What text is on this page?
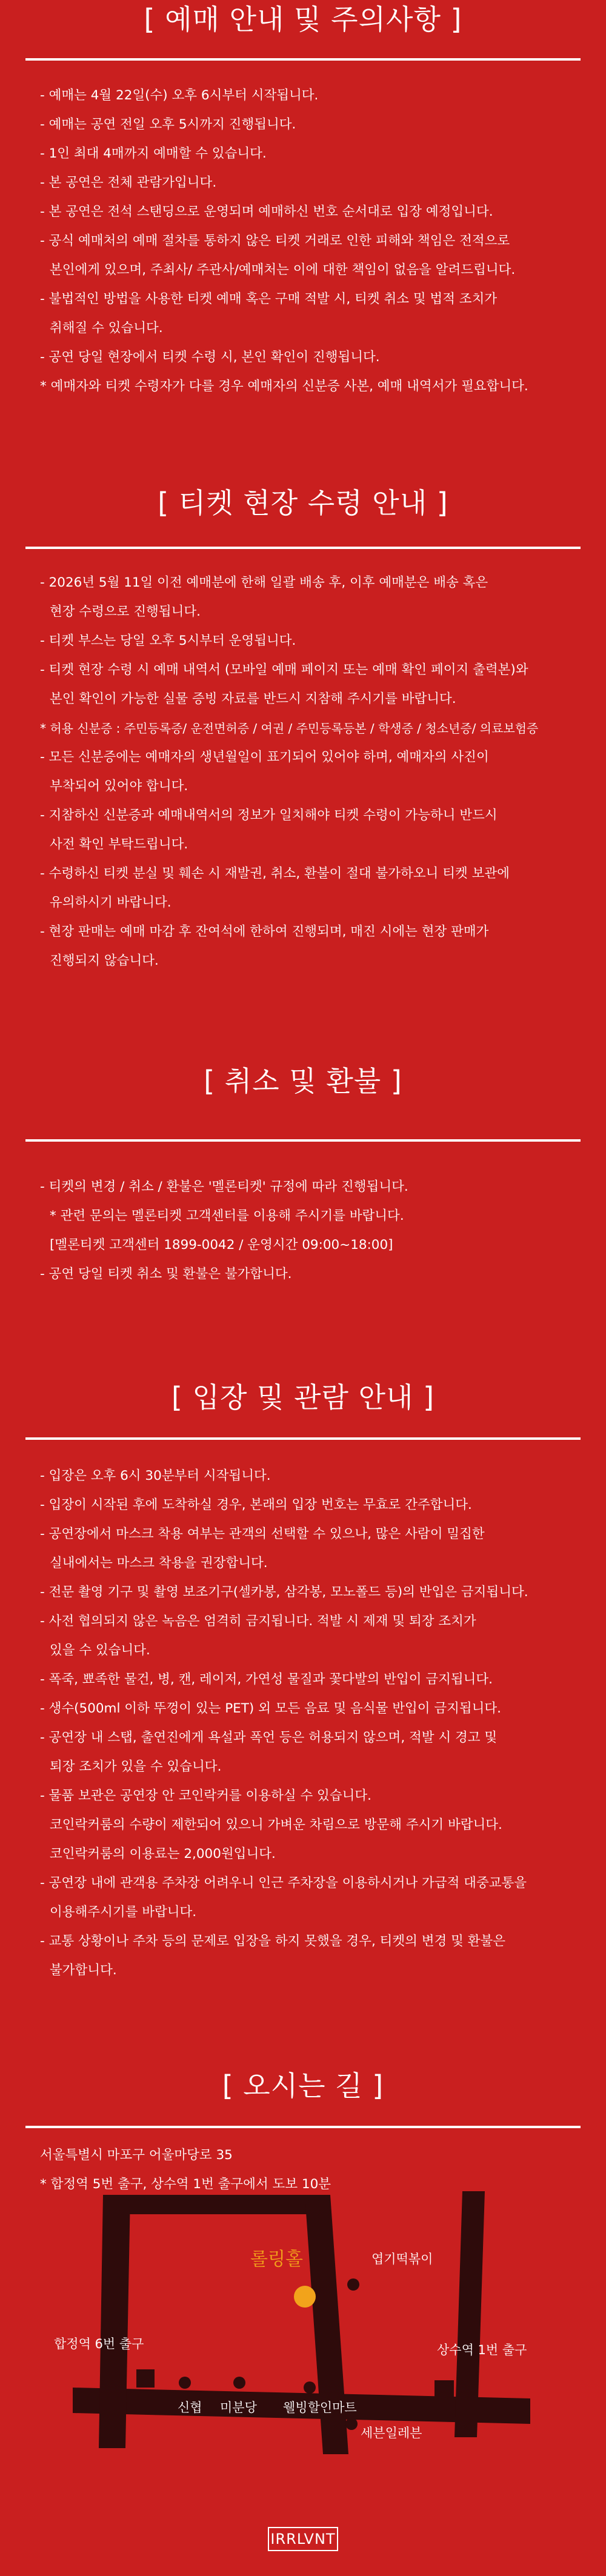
[ 예매 안내 및 주의사항 ]
- 예매는 4월 22일(수) 오후 6시부터 시작됩니다.
- 예매는 공연 전일 오후 5시까지 진행됩니다.
- 1인 최대 4매까지 예매할 수 있습니다.
- 본 공연은 전체 관람가입니다.
- 본 공연은 전석 스탠딩으로 운영되며 예매하신 번호 순서대로 입장 예정입니다.
- 공식 예매처의 예매 절차를 통하지 않은 티켓 거래로 인한 피해와 책임은 전적으로
본인에게 있으며, 주최사/ 주관사/예매처는 이에 대한 책임이 없음을 알려드립니다.
- 불법적인 방법을 사용한 티켓 예매 혹은 구매 적발 시, 티켓 취소 및 법적 조치가
취해질 수 있습니다.
- 공연 당일 현장에서 티켓 수령 시, 본인 확인이 진행됩니다.
* 예매자와 티켓 수령자가 다를 경우 예매자의 신분증 사본, 예매 내역서가 필요합니다.
[ 티켓 현장 수령 안내 ]
- 2026년 5월 11일 이전 예매분에 한해 일괄 배송 후, 이후 예매분은 배송 혹은
현장 수령으로 진행됩니다.
- 티켓 부스는 당일 오후 5시부터 운영됩니다.
- 티켓 현장 수령 시 예매 내역서 (모바일 예매 페이지 또는 예매 확인 페이지 출력본)와
본인 확인이 가능한 실물 증빙 자료를 반드시 지참해 주시기를 바랍니다.
* 허용 신분증 : 주민등록증/ 운전면허증 / 여권 / 주민등록등본 / 학생증 / 청소년증/ 의료보험증
- 모든 신분증에는 예매자의 생년월일이 표기되어 있어야 하며, 예매자의 사진이
부착되어 있어야 합니다.
- 지참하신 신분증과 예매내역서의 정보가 일치해야 티켓 수령이 가능하니 반드시
사전 확인 부탁드립니다.
- 수령하신 티켓 분실 및 훼손 시 재발권, 취소, 환불이 절대 불가하오니 티켓 보관에
유의하시기 바랍니다.
- 현장 판매는 예매 마감 후 잔여석에 한하여 진행되며, 매진 시에는 현장 판매가
진행되지 않습니다.
[ 취소 및 환불 ]
- 티켓의 변경 / 취소 / 환불은 '멜론티켓' 규정에 따라 진행됩니다.
* 관련 문의는 멜론티켓 고객센터를 이용해 주시기를 바랍니다.
[멜론티켓 고객센터 1899-0042 / 운영시간 09:00~18:00]
- 공연 당일 티켓 취소 및 환불은 불가합니다.
[ 입장 및 관람 안내 ]
- 입장은 오후 6시 30분부터 시작됩니다.
- 입장이 시작된 후에 도착하실 경우, 본래의 입장 번호는 무효로 간주합니다.
- 공연장에서 마스크 착용 여부는 관객의 선택할 수 있으나, 많은 사람이 밀집한
실내에서는 마스크 착용을 권장합니다.
- 전문 촬영 기구 및 촬영 보조기구(셀카봉, 삼각봉, 모노폴드 등)의 반입은 금지됩니다.
- 사전 협의되지 않은 녹음은 엄격히 금지됩니다. 적발 시 제재 및 퇴장 조치가
있을 수 있습니다.
- 폭죽, 뾰족한 물건, 병, 캔, 레이저, 가연성 물질과 꽃다발의 반입이 금지됩니다.
- 생수(500ml 이하 뚜껑이 있는 PET) 외 모든 음료 및 음식물 반입이 금지됩니다.
- 공연장 내 스탭, 출연진에게 욕설과 폭언 등은 허용되지 않으며, 적발 시 경고 및
퇴장 조치가 있을 수 있습니다.
- 물품 보관은 공연장 안 코인락커를 이용하실 수 있습니다.
코인락커룸의 수량이 제한되어 있으니 가벼운 차림으로 방문해 주시기 바랍니다.
코인락커룸의 이용료는 2,000원입니다.
- 공연장 내에 관객용 주차장 어려우니 인근 주차장을 이용하시거나 가급적 대중교통을
이용해주시기를 바랍니다.
- 교통 상황이나 주차 등의 문제로 입장을 하지 못했을 경우, 티켓의 변경 및 환불은
불가합니다.
[ 오시는 길 ]
서울특별시 마포구 어울마당로 35
* 합정역 5번 출구, 상수역 1번 출구에서 도보 10분
롤링홀	엽기떡볶이
합정역 6번 출구	상수역 1번 출구
신협 미분당 웰빙할인마트
세븐일레븐
IRRLVNT
